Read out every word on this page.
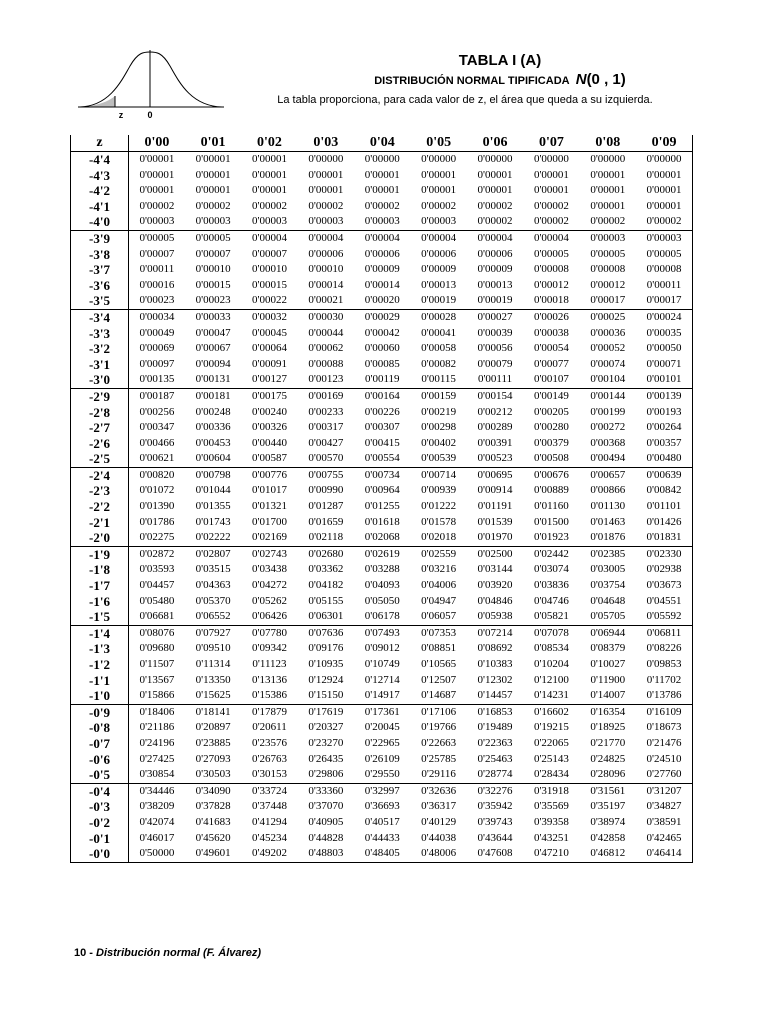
z	0
TABLA I (A)
DISTRIBUCIÓN NORMAL TIPIFICADA N(0 , 1)
La tabla proporciona, para cada valor de z, el área que queda a su izquierda.
z	0'00	0'01	0'02	0'03	0'04	0'05	0'06	0'07	0'08	0'09
-4'4	0'00001	0'00001	0'00001	0'00000	0'00000	0'00000	0'00000	0'00000	0'00000	0'00000
-4'3	0'00001	0'00001	0'00001	0'00001	0'00001	0'00001	0'00001	0'00001	0'00001	0'00001
-4'2	0'00001	0'00001	0'00001	0'00001	0'00001	0'00001	0'00001	0'00001	0'00001	0'00001
-4'1	0'00002	0'00002	0'00002	0'00002	0'00002	0'00002	0'00002	0'00002	0'00001	0'00001
-4'0	0'00003	0'00003	0'00003	0'00003	0'00003	0'00003	0'00002	0'00002	0'00002	0'00002
-3'9	0'00005	0'00005	0'00004	0'00004	0'00004	0'00004	0'00004	0'00004	0'00003	0'00003
-3'8	0'00007	0'00007	0'00007	0'00006	0'00006	0'00006	0'00006	0'00005	0'00005	0'00005
-3'7	0'00011	0'00010	0'00010	0'00010	0'00009	0'00009	0'00009	0'00008	0'00008	0'00008
-3'6	0'00016	0'00015	0'00015	0'00014	0'00014	0'00013	0'00013	0'00012	0'00012	0'00011
-3'5	0'00023	0'00023	0'00022	0'00021	0'00020	0'00019	0'00019	0'00018	0'00017	0'00017
-3'4	0'00034	0'00033	0'00032	0'00030	0'00029	0'00028	0'00027	0'00026	0'00025	0'00024
-3'3	0'00049	0'00047	0'00045	0'00044	0'00042	0'00041	0'00039	0'00038	0'00036	0'00035
-3'2	0'00069	0'00067	0'00064	0'00062	0'00060	0'00058	0'00056	0'00054	0'00052	0'00050
-3'1	0'00097	0'00094	0'00091	0'00088	0'00085	0'00082	0'00079	0'00077	0'00074	0'00071
-3'0	0'00135	0'00131	0'00127	0'00123	0'00119	0'00115	0'00111	0'00107	0'00104	0'00101
-2'9	0'00187	0'00181	0'00175	0'00169	0'00164	0'00159	0'00154	0'00149	0'00144	0'00139
-2'8	0'00256	0'00248	0'00240	0'00233	0'00226	0'00219	0'00212	0'00205	0'00199	0'00193
-2'7	0'00347	0'00336	0'00326	0'00317	0'00307	0'00298	0'00289	0'00280	0'00272	0'00264
-2'6	0'00466	0'00453	0'00440	0'00427	0'00415	0'00402	0'00391	0'00379	0'00368	0'00357
-2'5	0'00621	0'00604	0'00587	0'00570	0'00554	0'00539	0'00523	0'00508	0'00494	0'00480
-2'4	0'00820	0'00798	0'00776	0'00755	0'00734	0'00714	0'00695	0'00676	0'00657	0'00639
-2'3	0'01072	0'01044	0'01017	0'00990	0'00964	0'00939	0'00914	0'00889	0'00866	0'00842
-2'2	0'01390	0'01355	0'01321	0'01287	0'01255	0'01222	0'01191	0'01160	0'01130	0'01101
-2'1	0'01786	0'01743	0'01700	0'01659	0'01618	0'01578	0'01539	0'01500	0'01463	0'01426
-2'0	0'02275	0'02222	0'02169	0'02118	0'02068	0'02018	0'01970	0'01923	0'01876	0'01831
-1'9	0'02872	0'02807	0'02743	0'02680	0'02619	0'02559	0'02500	0'02442	0'02385	0'02330
-1'8	0'03593	0'03515	0'03438	0'03362	0'03288	0'03216	0'03144	0'03074	0'03005	0'02938
-1'7	0'04457	0'04363	0'04272	0'04182	0'04093	0'04006	0'03920	0'03836	0'03754	0'03673
-1'6	0'05480	0'05370	0'05262	0'05155	0'05050	0'04947	0'04846	0'04746	0'04648	0'04551
-1'5	0'06681	0'06552	0'06426	0'06301	0'06178	0'06057	0'05938	0'05821	0'05705	0'05592
-1'4	0'08076	0'07927	0'07780	0'07636	0'07493	0'07353	0'07214	0'07078	0'06944	0'06811
-1'3	0'09680	0'09510	0'09342	0'09176	0'09012	0'08851	0'08692	0'08534	0'08379	0'08226
-1'2	0'11507	0'11314	0'11123	0'10935	0'10749	0'10565	0'10383	0'10204	0'10027	0'09853
-1'1	0'13567	0'13350	0'13136	0'12924	0'12714	0'12507	0'12302	0'12100	0'11900	0'11702
-1'0	0'15866	0'15625	0'15386	0'15150	0'14917	0'14687	0'14457	0'14231	0'14007	0'13786
-0'9	0'18406	0'18141	0'17879	0'17619	0'17361	0'17106	0'16853	0'16602	0'16354	0'16109
-0'8	0'21186	0'20897	0'20611	0'20327	0'20045	0'19766	0'19489	0'19215	0'18925	0'18673
-0'7	0'24196	0'23885	0'23576	0'23270	0'22965	0'22663	0'22363	0'22065	0'21770	0'21476
-0'6	0'27425	0'27093	0'26763	0'26435	0'26109	0'25785	0'25463	0'25143	0'24825	0'24510
-0'5	0'30854	0'30503	0'30153	0'29806	0'29550	0'29116	0'28774	0'28434	0'28096	0'27760
-0'4	0'34446	0'34090	0'33724	0'33360	0'32997	0'32636	0'32276	0'31918	0'31561	0'31207
-0'3	0'38209	0'37828	0'37448	0'37070	0'36693	0'36317	0'35942	0'35569	0'35197	0'34827
-0'2	0'42074	0'41683	0'41294	0'40905	0'40517	0'40129	0'39743	0'39358	0'38974	0'38591
-0'1	0'46017	0'45620	0'45234	0'44828	0'44433	0'44038	0'43644	0'43251	0'42858	0'42465
-0'0	0'50000	0'49601	0'49202	0'48803	0'48405	0'48006	0'47608	0'47210	0'46812	0'46414
10 - Distribución normal (F. Álvarez)
